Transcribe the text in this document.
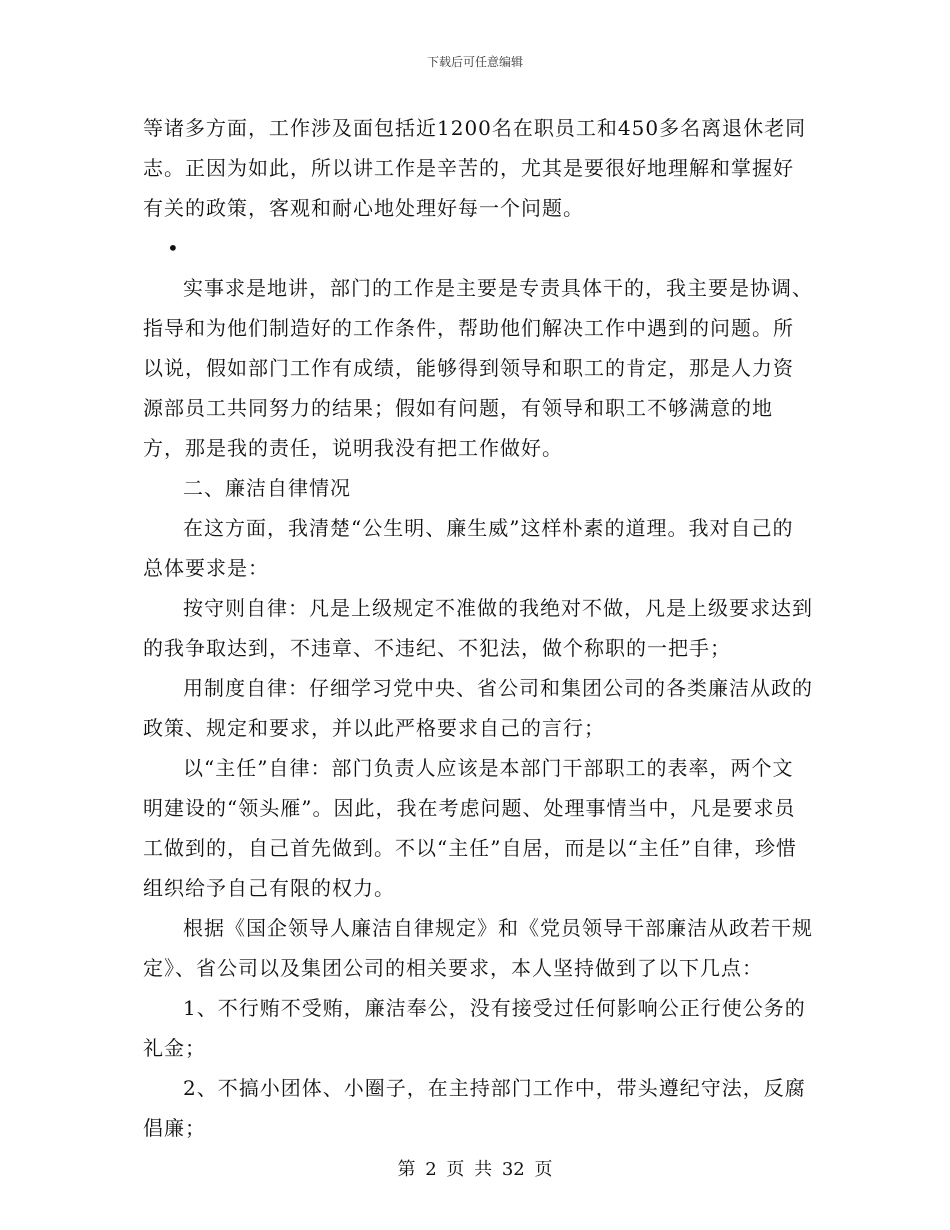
下载后可任意编辑

等诸多方面，工作涉及面包括近1200名在职员工和450多名离退休老同志。正因为如此，所以讲工作是辛苦的，尤其是要很好地理解和掌握好有关的政策，客观和耐心地处理好每一个问题。

•

实事求是地讲，部门的工作是主要是专责具体干的，我主要是协调、指导和为他们制造好的工作条件，帮助他们解决工作中遇到的问题。所以说，假如部门工作有成绩，能够得到领导和职工的肯定，那是人力资源部员工共同努力的结果；假如有问题，有领导和职工不够满意的地方，那是我的责任，说明我没有把工作做好。

二、廉洁自律情况

在这方面，我清楚“公生明、廉生威”这样朴素的道理。我对自己的总体要求是：

按守则自律：凡是上级规定不准做的我绝对不做，凡是上级要求达到的我争取达到，不违章、不违纪、不犯法，做个称职的一把手；

用制度自律：仔细学习党中央、省公司和集团公司的各类廉洁从政的政策、规定和要求，并以此严格要求自己的言行；

以“主任”自律：部门负责人应该是本部门干部职工的表率，两个文明建设的“领头雁”。因此，我在考虑问题、处理事情当中，凡是要求员工做到的，自己首先做到。不以“主任”自居，而是以“主任”自律，珍惜组织给予自己有限的权力。

根据《国企领导人廉洁自律规定》和《党员领导干部廉洁从政若干规定》、省公司以及集团公司的相关要求，本人坚持做到了以下几点：

1、不行贿不受贿，廉洁奉公，没有接受过任何影响公正行使公务的礼金；

2、不搞小团体、小圈子，在主持部门工作中，带头遵纪守法，反腐倡廉；

第 2 页 共 32 页
